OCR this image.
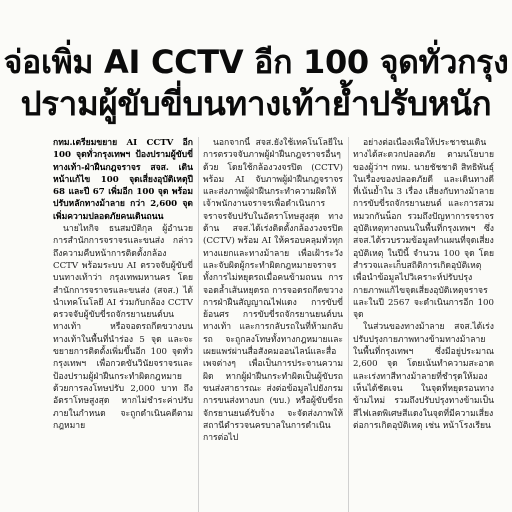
จ่อเพิ่ม AI CCTV อีก 100 จุดทั่วกรุง
ปรามผู้ขับขี่บนทางเท้าย้ำปรับหนัก

กทม.เตรียมขยาย AI CCTV อีก 100 จุดทั่วกรุงเทพฯ ป้องปรามผู้ขับขี่ทางเท้า-ฝ่าฝืนกฎจราจร สจส. เดินหน้าแก้ไข 100 จุดเสี่ยงอุบัติเหตุปี 68 และปี 67 เพิ่มอีก 100 จุด พร้อมปรับหลักทางม้าลาย กว่า 2,600 จุด เพิ่มความปลอดภัยคนเดินถนน

นายไทกิจ ธนสมบัติกุล ผู้อำนวยการสำนักการจราจรและขนส่ง กล่าวถึงความคืบหน้าการติดตั้งกล้อง CCTV พร้อมระบบ AI ตรวจจับผู้ขับขี่บนทางเท้าว่า กรุงเทพมหานคร โดยสำนักการจราจรและขนส่ง (สจส.) ได้นำเทคโนโลยี AI ร่วมกับกล้อง CCTV ตรวจจับผู้ขับขี่รถจักรยานยนต์บนทางเท้า หรือจอดรถกีดขวางบนทางเท้าในพื้นที่นำร่อง 5 จุด และจะขยายการติดตั้งเพิ่มขึ้นอีก 100 จุดทั่วกรุงเทพฯ เพื่อกวดขันวินัยจราจรและป้องปรามผู้ฝ่าฝืนกระทำผิดกฎหมาย ด้วยการลงโทษปรับ 2,000 บาท ถึงอัตราโทษสูงสุด หากไม่ชำระค่าปรับภายในกำหนด จะถูกดำเนินคดีตามกฎหมาย

นอกจากนี้ สจส.ยังใช้เทคโนโลยีในการตรวจจับภาพผู้ฝ่าฝืนกฎจราจรอื่นๆ ด้วย โดยใช้กล้องวงจรปิด (CCTV) พร้อม AI จับภาพผู้ฝ่าฝืนกฎจราจร และส่งภาพผู้ฝ่าฝืนกระทำความผิดให้เจ้าพนักงานจราจรเพื่อดำเนินการจราจรจับปรับในอัตราโทษสูงสุด ทางด้าน สจส.ได้เร่งติดตั้งกล้องวงจรปิด (CCTV) พร้อม AI ให้ครอบคลุมทั่วทุกทางแยกและทางม้าลาย เพื่อเฝ้าระวังและจับผิดผู้กระทำผิดกฎหมายจราจรทั้งการไม่หยุดรถเมื่อคนข้ามถนน การจอดล้ำเส้นหยุดรถ การจอดรถกีดขวาง การฝ่าฝืนสัญญาณไฟแดง การขับขี่ย้อนศร การขับขี่รถจักรยานยนต์บนทางเท้า และการกลับรถในที่ห้ามกลับรถ จะถูกลงโทษทั้งทางกฎหมายและเผยแพร่ผ่านสื่อสังคมออนไลน์และสื่อเพจต่างๆ เพื่อเป็นการประจานความผิด หากผู้ฝ่าฝืนกระทำผิดเป็นผู้ขับรถขนส่งสาธารณะ ส่งต่อข้อมูลไปยังกรมการขนส่งทางบก (ขบ.) หรือผู้ขับขี่รถจักรยานยนต์รับจ้าง จะจัดส่งภาพให้สถานีตำรวจนครบาลในการดำเนินการต่อไป

อย่างต่อเนื่องเพื่อให้ประชาชนเดินทางได้สะดวกปลอดภัย ตามนโยบายของผู้ว่าฯ กทม. นายชัชชาติ สิทธิพันธุ์ ในเรื่องของปลอดภัยดี และเดินทางดี ที่เน้นย้ำใน 3 เรื่อง เสี่ยงกับทางม้าลาย การขับขี่รถจักรยานยนต์ และการสวมหมวกกันน็อก รวมถึงปัญหาการจราจรอุบัติเหตุทางถนนในพื้นที่กรุงเทพฯ ซึ่ง สจส.ได้รวบรวมข้อมูลทำแผนที่จุดเสี่ยงอุบัติเหตุ ในปีนี้ จำนวน 100 จุด โดยสำรวจและเก็บสถิติการเกิดอุบัติเหตุเพื่อนำข้อมูลไปวิเคราะห์ปรับปรุงกายภาพแก้ไขจุดเสี่ยงอุบัติเหตุจราจร และในปี 2567 จะดำเนินการอีก 100 จุด

ในส่วนของทางม้าลาย สจส.ได้เร่งปรับปรุงกายภาพทางข้ามทางม้าลาย ในพื้นที่กรุงเทพฯ ซึ่งมีอยู่ประมาณ 2,600 จุด โดยเน้นทำความสะอาดและเร่งทาสีทางม้าลายที่ชำรุดให้มองเห็นได้ชัดเจน ในจุดที่หยุดรอนทางข้ามไหม่ รวมถึงปรับปรุงทางข้ามเป็นสีไฟเลดพิเศษสีแดงในจุดที่มีความเสี่ยงต่อการเกิดอุบัติเหตุ เช่น หน้าโรงเรียน
